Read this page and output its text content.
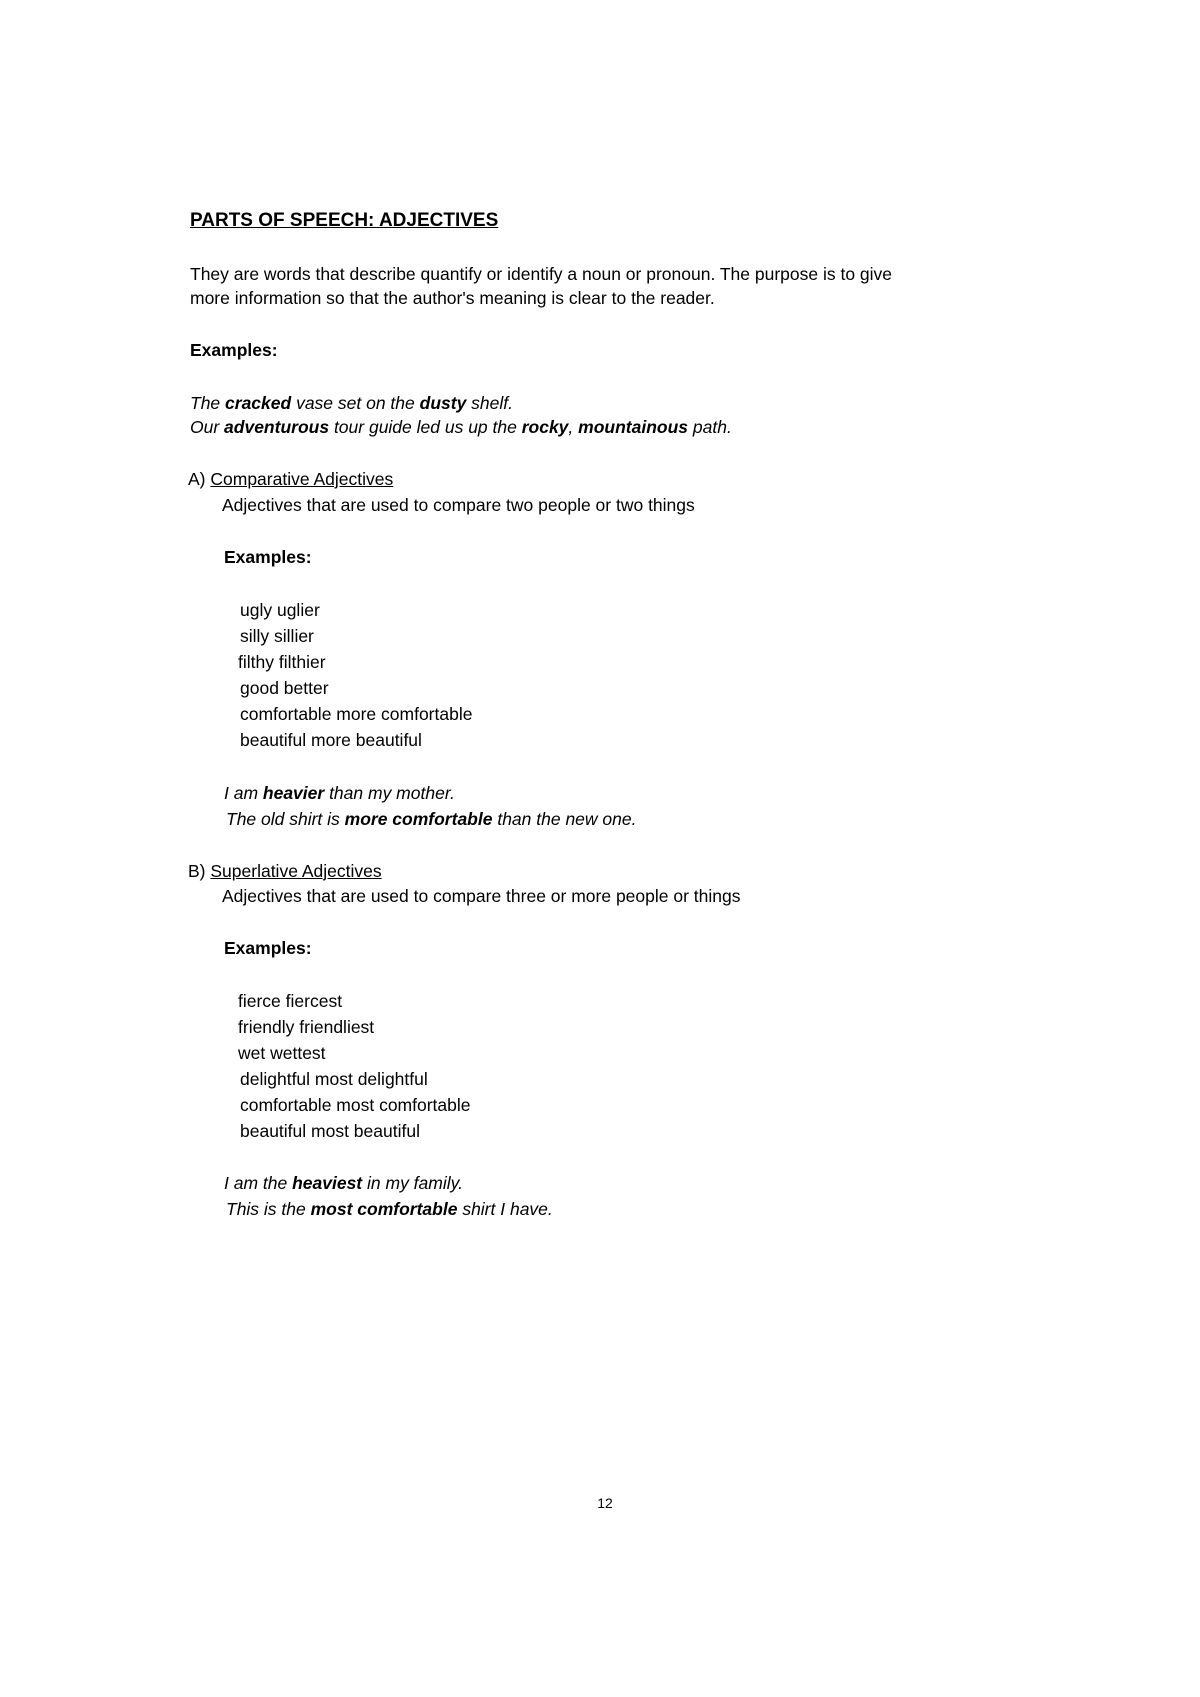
PARTS OF SPEECH: ADJECTIVES
They are words that describe quantify or identify a noun or pronoun. The purpose is to give
more information so that the author's meaning is clear to the reader.
Examples:
The cracked vase set on the dusty shelf.
Our adventurous tour guide led us up the rocky, mountainous path.
A) Comparative Adjectives
Adjectives that are used to compare two people or two things
Examples:
ugly uglier
silly sillier
filthy filthier
good better
comfortable more comfortable
beautiful more beautiful
I am heavier than my mother.
The old shirt is more comfortable than the new one.
B) Superlative Adjectives
Adjectives that are used to compare three or more people or things
Examples:
fierce fiercest
friendly friendliest
wet wettest
delightful most delightful
comfortable most comfortable
beautiful most beautiful
I am the heaviest in my family.
This is the most comfortable shirt I have.
12
